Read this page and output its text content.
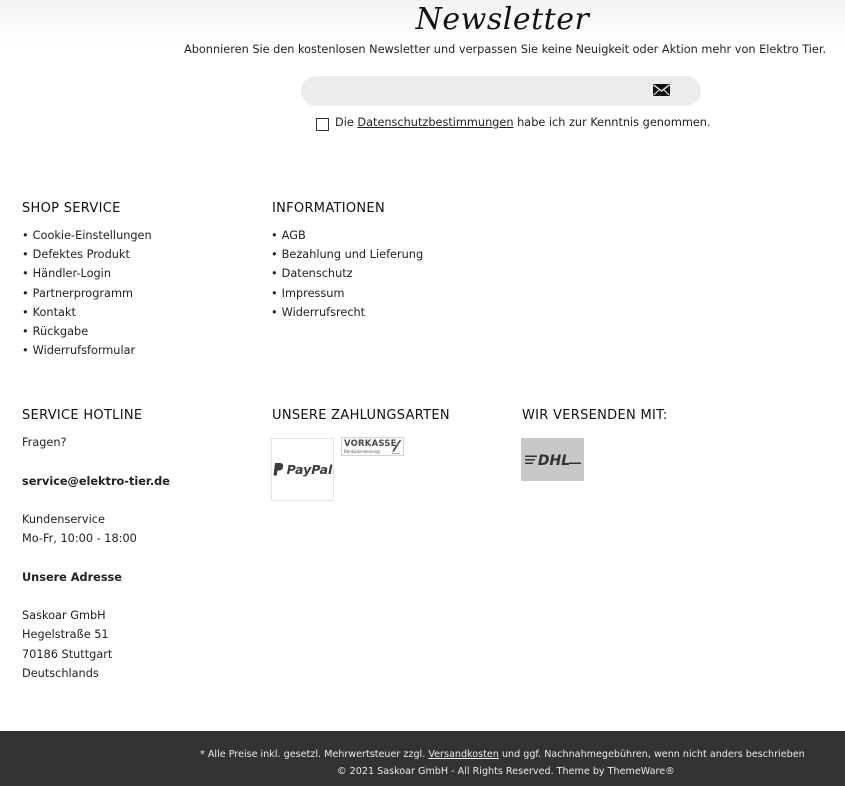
Newsletter
Abonnieren Sie den kostenlosen Newsletter und verpassen Sie keine Neuigkeit oder Aktion mehr von Elektro Tier.
Die
Datenschutzbestimmungen
habe ich zur Kenntnis genommen.
SHOP SERVICE
• Cookie-Einstellungen
• Defektes Produkt
• Händler-Login
• Partnerprogramm
• Kontakt
• Rückgabe
• Widerrufsformular
INFORMATIONEN
• AGB
• Bezahlung und Lieferung
• Datenschutz
• Impressum
• Widerrufsrecht
SERVICE HOTLINE
Fragen?
service@elektro-tier.de
Kundenservice
Mo-Fr, 10:00 - 18:00
Unsere Adresse
Saskoar GmbH
Hegelstraße 51
70186 Stuttgart
Deutschlands
UNSERE ZAHLUNGSARTEN
PayPal
VORKASSE
Banküberweisung
WIR VERSENDEN MIT:
DHL
* Alle Preise inkl. gesetzl. Mehrwertsteuer zzgl. Versandkosten und ggf. Nachnahmegebühren, wenn nicht anders beschrieben
© 2021 Saskoar GmbH - All Rights Reserved. Theme by ThemeWare®
